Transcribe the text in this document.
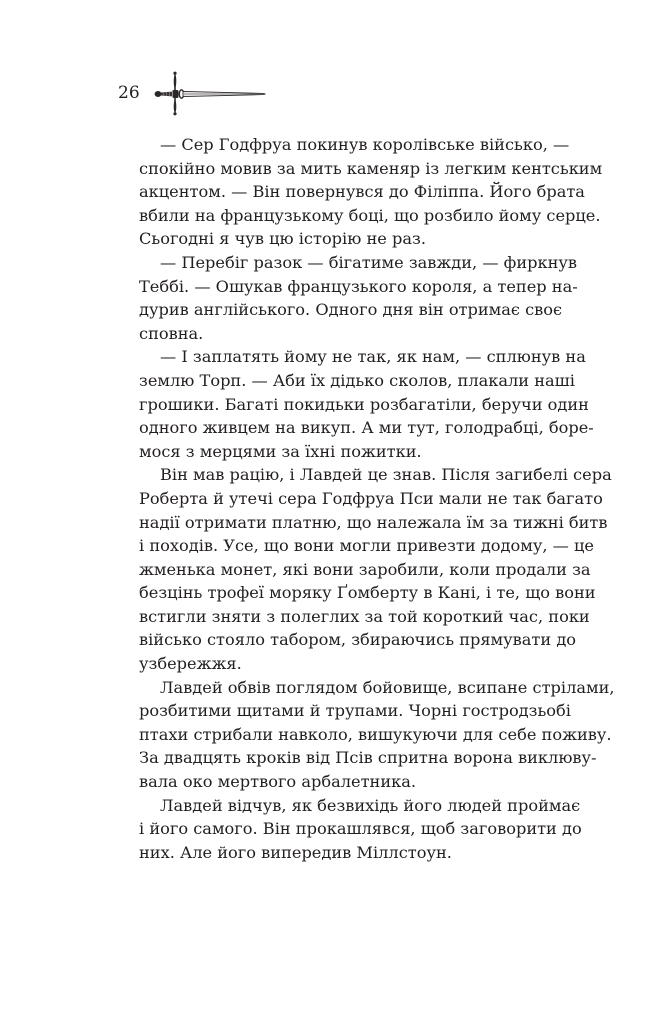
26

— Сер Годфруа покинув королівське військо, —
спокійно мовив за мить каменяр із легким кентським
акцентом. — Він повернувся до Філіппа. Його брата
вбили на французькому боці, що розбило йому серце.
Сьогодні я чув цю історію не раз.

— Перебіг разок — бігатиме завжди, — фиркнув
Теббі. — Ошукав французького короля, а тепер на-
дурив англійського. Одного дня він отримає своє
сповна.

— І заплатять йому не так, як нам, — сплюнув на
землю Торп. — Аби їх дідько сколов, плакали наші
грошики. Багаті покидьки розбагатіли, беручи один
одного живцем на викуп. А ми тут, голодрабці, боре-
мося з мерцями за їхні пожитки.

Він мав рацію, і Лавдей це знав. Після загибелі сера
Роберта й утечі сера Годфруа Пси мали не так багато
надії отримати платню, що належала їм за тижні битв
і походів. Усе, що вони могли привезти додому, — це
жменька монет, які вони заробили, коли продали за
безцінь трофеї моряку Ґомберту в Кані, і те, що вони
встигли зняти з полеглих за той короткий час, поки
військо стояло табором, збираючись прямувати до
узбережжя.

Лавдей обвів поглядом бойовище, всипане стрілами,
розбитими щитами й трупами. Чорні гостродзьобі
птахи стрибали навколо, вишукуючи для себе поживу.
За двадцять кроків від Псів спритна ворона виклюву-
вала око мертвого арбалетника.

Лавдей відчув, як безвихідь його людей проймає
і його самого. Він прокашлявся, щоб заговорити до
них. Але його випередив Міллстоун.
